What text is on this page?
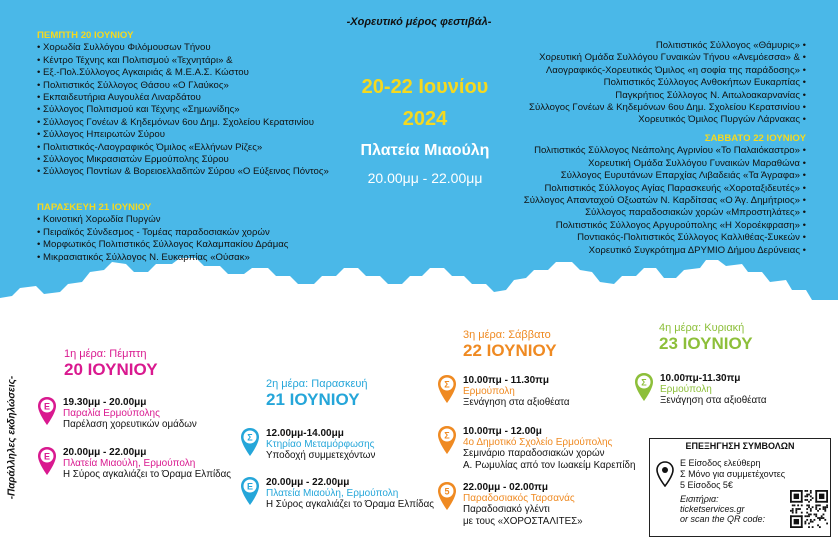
-Χορευτικό μέρος φεστιβάλ-
ΠΕΜΠΤΗ 20 ΙΟΥΝΙΟΥ
• Χορωδία Συλλόγου Φιλόμουσων Τήνου
• Κέντρο Τέχνης και Πολιτισμού «Τεχνητάρι» &
• Εξ.-Πολ.Σύλλογος Αγκαιριάς & Μ.Ε.Α.Σ. Κώστου
• Πολιτιστικός Σύλλογος Θάσου «Ο Γλαύκος»
• Εκπαιδευτήρια Αυγουλέα Λιναρδάτου
• Σύλλογος Πολιτισμού και Τέχνης «Σημωνίδης»
• Σύλλογος Γονέων & Κηδεμόνων 6ου Δημ. Σχολείου Κερατσινίου
• Σύλλογος Ηπειρωτών Σύρου
• Πολιτιστικός-Λαογραφικός Όμιλος «Ελλήνων Ρίζες»
• Σύλλογος Μικρασιατών Ερμούπολης Σύρου
• Σύλλογος Ποντίων & Βορειοελλαδιτών Σύρου «Ο Εύξεινος Πόντος»
ΠΑΡΑΣΚΕΥΗ 21 ΙΟΥΝΙΟΥ
• Κοινοτική Χορωδία Πυργών
• Πειραϊκός Σύνδεσμος - Τομέας παραδοσιακών χορών
• Μορφωτικός Πολιτιστικός Σύλλογος Καλαμπακίου Δράμας
• Μικρασιατικός Σύλλογος Ν. Ευκαρπίας «Ούσακ»
20-22 Ιουνίου
2024
Πλατεία Μιαούλη
20.00μμ - 22.00μμ
Πολιτιστικός Σύλλογος «Θάμυρις» •
Χορευτική Ομάδα Συλλόγου Γυναικών Τήνου «Ανεμόεσσα» & •
Λαογραφικός-Χορευτικός Όμιλος «η σοφία της παράδοσης» •
Πολιτιστικός Σύλλογος Ανθοκήπων Ευκαρπίας •
Παγκρήτιος Σύλλογος Ν. Αιτωλοακαρνανίας •
Σύλλογος Γονέων & Κηδεμόνων 6ου Δημ. Σχολείου Κερατσινίου •
Χορευτικός Όμιλος Πυργών Λάρνακας •
ΣΑΒΒΑΤΟ 22 ΙΟΥΝΙΟΥ
Πολιτιστικός Σύλλογος Νεάπολης Αγρινίου «Το Παλαιόκαστρο» •
Χορευτική Ομάδα Συλλόγου Γυναικών Μαραθώνα •
Σύλλογος Ευρυτάνων Επαρχίας Λιβαδειάς «Τα Άγραφα» •
Πολιτιστικός Σύλλογος Αγίας Παρασκευής «Χοροταξιδευτές» •
Σύλλογος Απανταχού Οξωατών Ν. Καρδίτσας «Ο Άγ. Δημήτριος» •
Σύλλογος παραδοσιακών χορών «Μπροστηλάτες» •
Πολιτιστικός Σύλλογος Αργυρούπολης «Η Χοροέκφραση» •
Ποντιακός-Πολιτιστικός Σύλλογος Καλλιθέας-Συκεών •
Χορευτικό Συγκρότημα ΔΡΥΜΙΟ Δήμου Δερύνειας •
-Παράλληλες εκδηλώσεις-
1η μέρα: Πέμπτη
20 ΙΟΥΝΙΟΥ
E 19.30μμ - 20.00μμ
Παραλία Ερμούπολης
Παρέλαση χορευτικών ομάδων
E 20.00μμ - 22.00μμ
Πλατεία Μιαούλη, Ερμούπολη
Η Σύρος αγκαλιάζει το Όραμα Ελπίδας
2η μέρα: Παρασκευή
21 ΙΟΥΝΙΟΥ
Σ 12.00μμ-14.00μμ
Κτηρίαο Μεταμόρφωσης
Υποδοχή συμμετεχόντων
E 20.00μμ - 22.00μμ
Πλατεία Μιαούλη, Ερμούπολη
Η Σύρος αγκαλιάζει το Όραμα Ελπίδας
3η μέρα: Σάββατο
22 ΙΟΥΝΙΟΥ
Σ 10.00πμ - 11.30πμ
Ερμούπολη
Ξενάγηση στα αξιοθέατα
Σ 10.00πμ - 12.00μ
4ο Δημοτικό Σχολείο Ερμούπολης
Σεμινάριο παραδοσιακών χορών
Α. Ρωμυλίας από τον Ιωακείμ Καρεπίδη
5 22.00μμ - 02.00πμ
Παραδοσιακός Ταρσανάς
Παραδοσιακό γλέντι
με τους «ΧΟΡΟΣΤΑΛΙΤΕΣ»
4η μέρα: Κυριακή
23 ΙΟΥΝΙΟΥ
Σ 10.00πμ-11.30πμ
Ερμούπολη
Ξενάγηση στα αξιοθέατα
ΕΠΕΞΗΓΗΣΗ ΣΥΜΒΟΛΩΝ
Ε Είσοδος ελεύθερη
Σ Μόνο για συμμετέχοντες
5 Είσοδος 5€
Εισιτήρια:
ticketservices.gr
or scan the QR code:
